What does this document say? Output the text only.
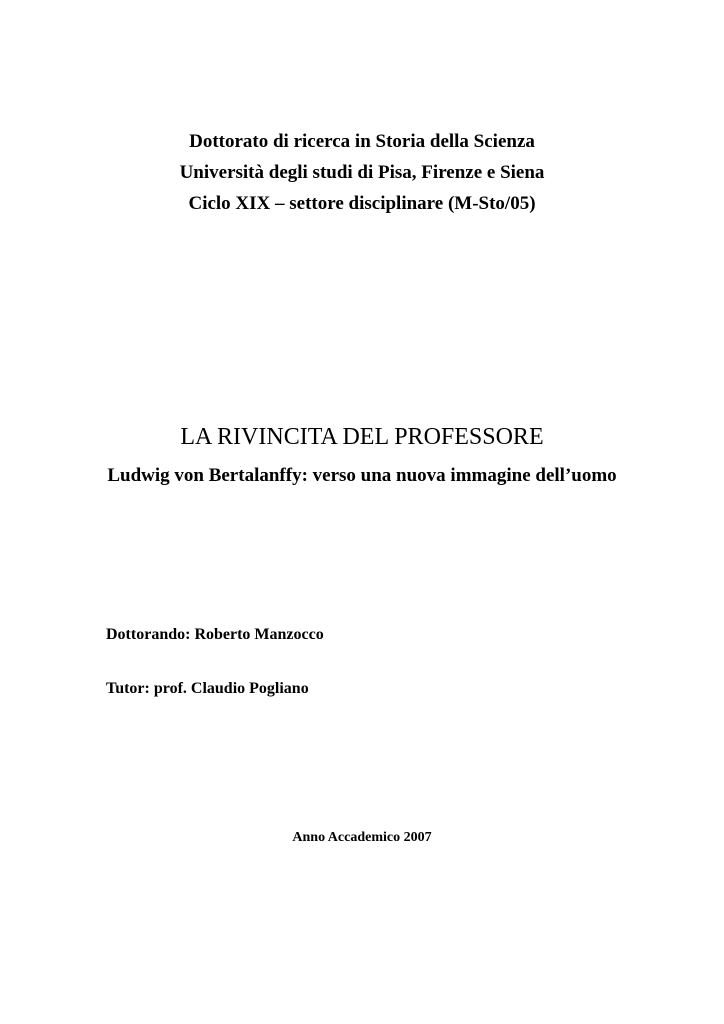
Dottorato di ricerca in Storia della Scienza
Università degli studi di Pisa, Firenze e Siena
Ciclo XIX – settore disciplinare (M-Sto/05)
LA RIVINCITA DEL PROFESSORE
Ludwig von Bertalanffy: verso una nuova immagine dell’uomo
Dottorando: Roberto Manzocco
Tutor: prof. Claudio Pogliano
Anno Accademico 2007
